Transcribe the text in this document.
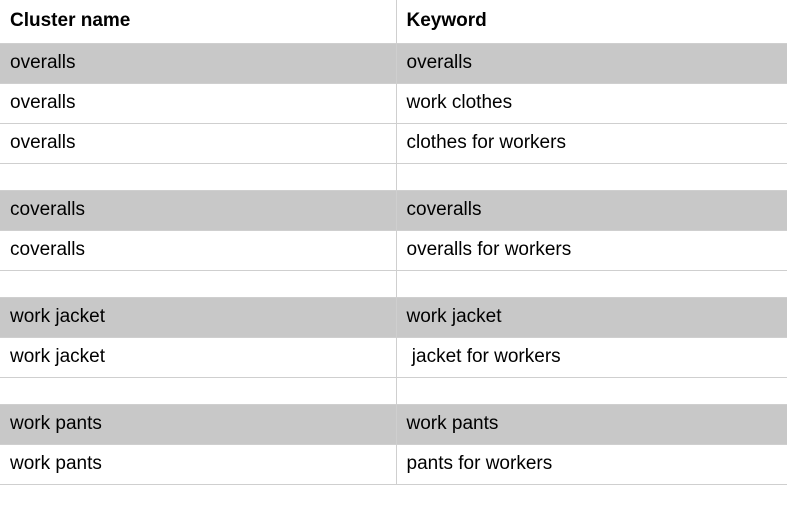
Cluster name	Keyword
overalls	overalls
overalls	work clothes
overalls	clothes for workers

coveralls	coveralls
coveralls	overalls for workers

work jacket	work jacket
work jacket	jacket for workers

work pants	work pants
work pants	pants for workers
